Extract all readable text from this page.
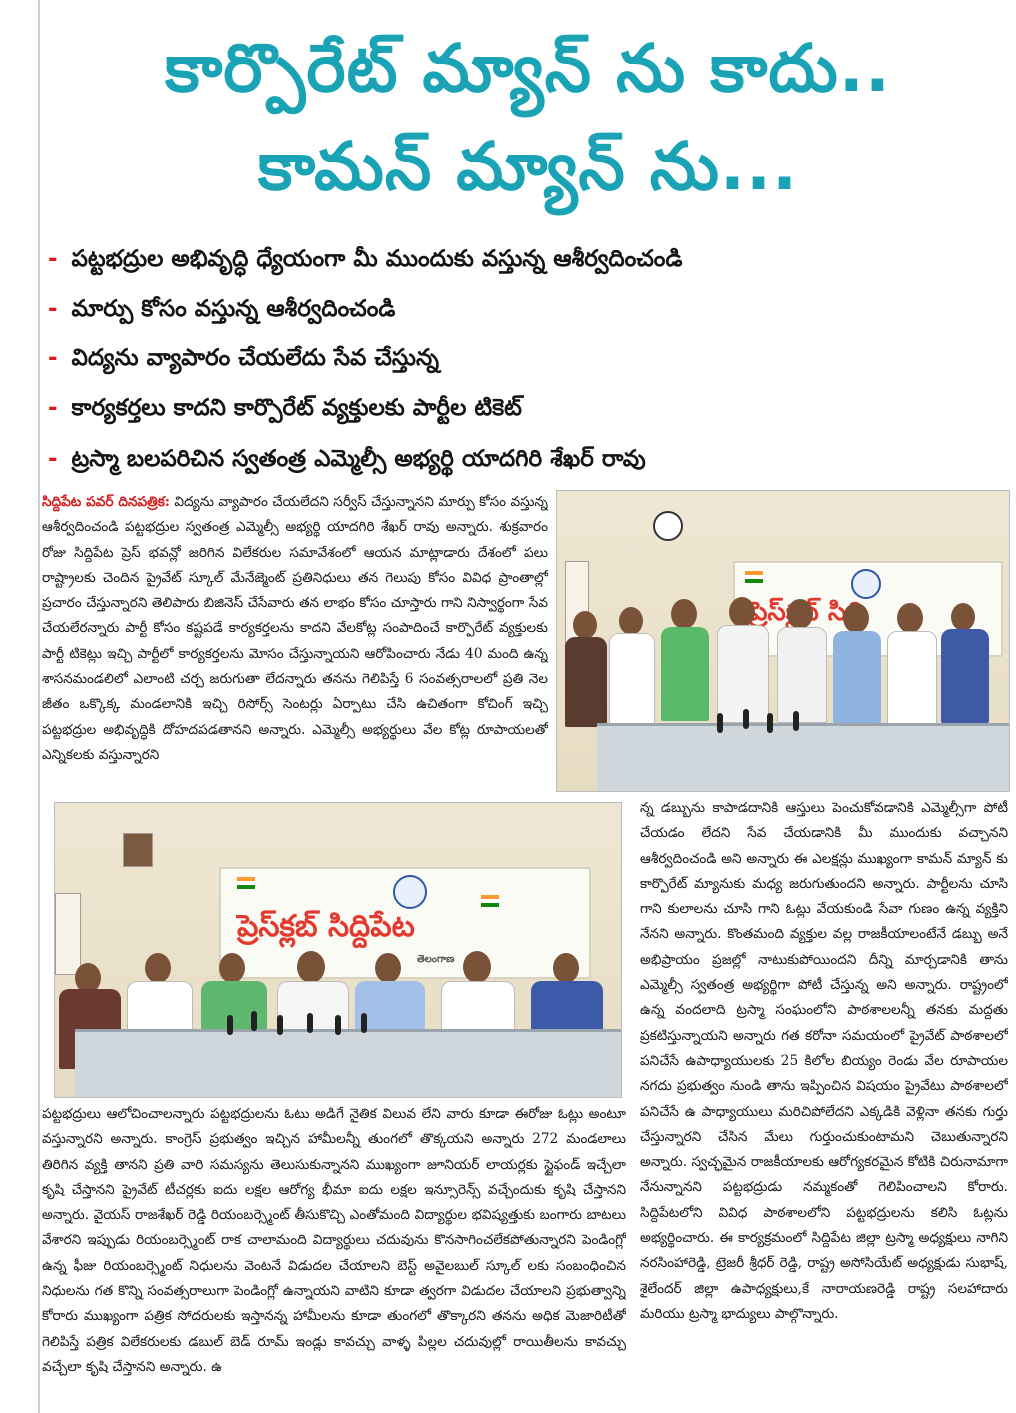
కార్పొరేట్ మ్యాన్ ను కాదు..
కామన్ మ్యాన్ ను...
- పట్టభద్రుల అభివృద్ధి ధ్యేయంగా మీ ముందుకు వస్తున్న ఆశీర్వదించండి
- మార్పు కోసం వస్తున్న ఆశీర్వదించండి
- విద్యను వ్యాపారం చేయలేదు సేవ చేస్తున్న
- కార్యకర్తలు కాదని కార్పొరేట్ వ్యక్తులకు పార్టీల టికెట్
- ట్రస్మా బలపరిచిన స్వతంత్ర ఎమ్మెల్సీ అభ్యర్థి యాదగిరి శేఖర్ రావు
సిద్దిపేట పవర్ దినపత్రిక: విద్యను వ్యాపారం చేయలేదని సర్వీస్ చేస్తున్నానని మార్పు కోసం వస్తున్న ఆశీర్వదించండి పట్టభద్రుల స్వతంత్ర ఎమ్మెల్సీ అభ్యర్థి యాదగిరి శేఖర్ రావు అన్నారు. శుక్రవారం రోజు సిద్దిపేట ప్రెస్ భవన్లో జరిగిన విలేకరుల సమావేశంలో ఆయన మాట్లాడారు దేశంలో పలు రాష్ట్రాలకు చెందిన ప్రైవేట్ స్కూల్ మేనేజ్మెంట్ ప్రతినిధులు తన గెలుపు కోసం వివిధ ప్రాంతాల్లో ప్రచారం చేస్తున్నారని తెలిపారు బిజినెస్ చేసేవారు తన లాభం కోసం చూస్తారు గాని నిస్వార్థంగా సేవ చేయలేరన్నారు పార్టీ కోసం కష్టపడే కార్యకర్తలను కాదని వేలకోట్ల సంపాదించే కార్పొరేట్ వ్యక్తులకు పార్టీ టికెట్లు ఇచ్చి పార్టీలో కార్యకర్తలను మోసం చేస్తున్నాయని ఆరోపించారు నేడు 40 మంది ఉన్న శాసనమండలిలో ఎలాంటి చర్చ జరుగుతా లేదన్నారు తనను గెలిపిస్తే 6 సంవత్సరాలలో ప్రతి నెల జీతం ఒక్కొక్క మండలానికి ఇచ్చి రిసోర్స్ సెంటర్లు ఏర్పాటు చేసి ఉచితంగా కోచింగ్ ఇచ్చి పట్టభద్రుల అభివృద్ధికి దోహదపడతానని అన్నారు. ఎమ్మెల్సీ అభ్యర్థులు వేల కోట్ల రూపాయలతో ఎన్నికలకు వస్తున్నారని
ప్రెస్‌క్లబ్
ప్రెస్‌క్లబ్ సిద్దిపేట
తెలంగాణ
న్న డబ్బును కాపాడదానికి ఆస్తులు పెంచుకోవడానికి ఎమ్మెల్సీగా పోటీ చేయడం లేదని సేవ చేయడానికి మీ ముందుకు వచ్చానని ఆశీర్వదించండి అని అన్నారు ఈ ఎలక్షన్లు ముఖ్యంగా కామన్ మ్యాన్ కు కార్పొరేట్ మ్యానుకు మధ్య జరుగుతుందని అన్నారు. పార్టీలను చూసి గాని కులాలను చూసి గాని ఓట్లు వేయకుండి సేవా గుణం ఉన్న వ్యక్తిని నేనని అన్నారు. కొంతమంది వ్యక్తుల వల్ల రాజకీయాలంటేనే డబ్బు అనే అభిప్రాయం ప్రజల్లో నాటుకుపోయిందని దీన్ని మార్చడానికి తాను ఎమ్మెల్సీ స్వతంత్ర అభ్యర్థిగా పోటీ చేస్తున్న అని అన్నారు. రాష్ట్రంలో ఉన్న వందలాది ట్రస్మా సంఘంలోని పాఠశాలలన్నీ తనకు మద్దతు ప్రకటిస్తున్నాయని అన్నారు గత కరోనా సమయంలో ప్రైవేట్ పాఠశాలలో పనిచేసే ఉపాధ్యాయులకు 25 కిలోల బియ్యం రెండు వేల రూపాయల నగదు ప్రభుత్వం నుండి తాను ఇప్పించిన విషయం ప్రైవేటు పాఠశాలలో పనిచేసే ఉ పాధ్యాయులు మరిచిపోలేదని ఎక్కడికి వెళ్లినా తనకు గుర్తు చేస్తున్నారని చేసిన మేలు గుర్తుంచుకుంటామని చెబుతున్నారని అన్నారు. స్వచ్ఛమైన రాజకీయాలకు ఆరోగ్యకరమైన కోటికి చిరునామాగా నేనున్నానని పట్టభద్రుడు నమ్మకంతో గెలిపించాలని కోరారు. సిద్దిపేటలోని వివిధ పాఠశాలలోని పట్టభద్రులను కలిసి ఓట్లను అభ్యర్థించారు. ఈ కార్యక్రమంలో సిద్దిపేట జిల్లా ట్రస్మా అధ్యక్షులు నాగిని నరసింహారెడ్డి, ట్రెజరీ శ్రీధర్ రెడ్డి, రాష్ట్ర అసోసియేట్ అధ్యక్షుడు సుభాష్, శైలేందర్ జిల్లా ఉపాధ్యక్షులు,కే నారాయణరెడ్డి రాష్ట్ర సలహాదారు మరియు ట్రస్మా భాద్యులు పాల్గొన్నారు.
పట్టభద్రులు ఆలోచించాలన్నారు పట్టభద్రులను ఓటు అడిగే నైతిక విలువ లేని వారు కూడా ఈరోజు ఓట్లు అంటూ వస్తున్నారని అన్నారు. కాంగ్రెస్ ప్రభుత్వం ఇచ్చిన హామీలన్నీ తుంగలో తొక్కయని అన్నారు 272 మండలాలు తిరిగిన వ్యక్తి తానని ప్రతి వారి సమస్యను తెలుసుకున్నానని ముఖ్యంగా జూనియర్ లాయర్లకు స్టైఫండ్ ఇచ్చేలా కృషి చేస్తానని ప్రైవేట్ టీచర్లకు ఐదు లక్షల ఆరోగ్య భీమా ఐదు లక్షల ఇన్సూరెన్స్ వచ్చేందుకు కృషి చేస్తానని అన్నారు. వైయస్ రాజశేఖర్ రెడ్డి రియంబర్స్మెంట్ తీసుకొచ్చి ఎంతోమంది విద్యార్థుల భవిష్యత్తుకు బంగారు బాటలు వేశారని ఇప్పుడు రియంబర్స్మెంట్ రాక చాలామంది విద్యార్థులు చదువును కొనసాగించలేకపోతున్నారని పెండింగ్లో ఉన్న ఫీజు రియంబర్స్మెంట్ నిధులను వెంటనే విడుదల చేయాలని బెస్ట్ అవైలబుల్ స్కూల్ లకు సంబంధించిన నిధులను గత కొన్ని సంవత్సరాలుగా పెండింగ్లో ఉన్నాయని వాటిని కూడా త్వరగా విడుదల చేయాలని ప్రభుత్వాన్ని కోరారు ముఖ్యంగా పత్రిక సోదరులకు ఇస్తానన్న హామీలను కూడా తుంగలో తొక్కారని తనను అధిక మెజారిటీతో గెలిపిస్తే పత్రిక విలేకరులకు డబుల్ బెడ్ రూమ్ ఇండ్లు కావచ్చు వాళ్ళ పిల్లల చదువుల్లో రాయితీలను కావచ్చు వచ్చేలా కృషి చేస్తానని అన్నారు. ఉ
